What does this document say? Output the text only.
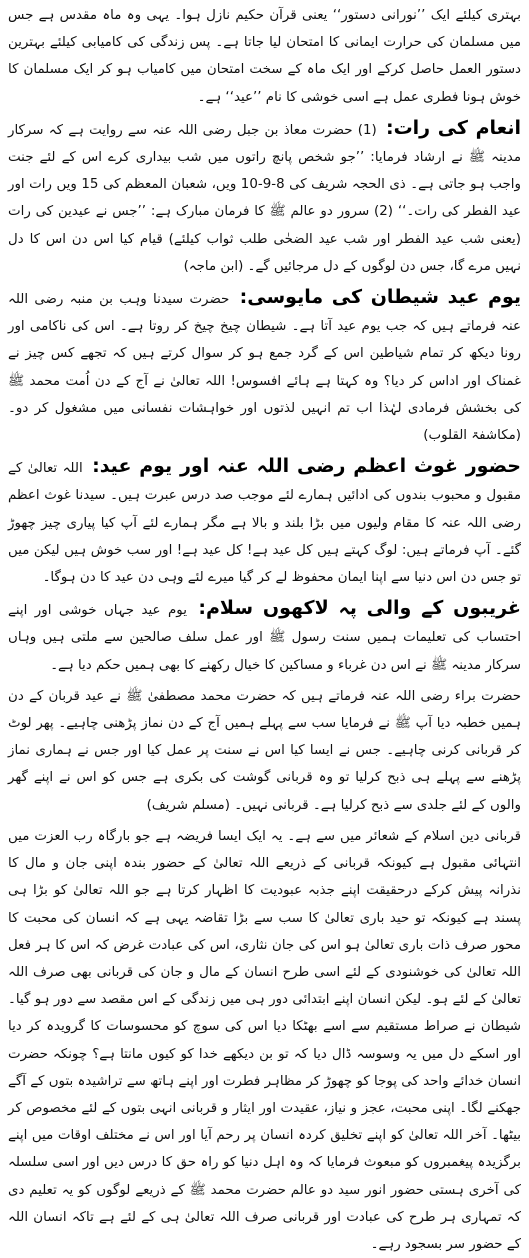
بہتری کیلئے ایک ’’نورانی دستور‘‘ یعنی قرآن حکیم نازل ہوا۔ یہی وہ ماہ مقدس ہے جس میں مسلمان کی حرارت ایمانی کا امتحان لیا جاتا ہے۔ پس زندگی کی کامیابی کیلئے بہترین دستور العمل حاصل کرکے اور ایک ماہ کے سخت امتحان میں کامیاب ہو کر ایک مسلمان کا خوش ہونا فطری عمل ہے اسی خوشی کا نام ’’عید‘‘ ہے۔

انعام کی رات: (1) حضرت معاذ بن جبل رضی اللہ عنہ سے روایت ہے کہ سرکار مدینہ ﷺ نے ارشاد فرمایا: ’’جو شخص پانچ راتوں میں شب بیداری کرے اس کے لئے جنت واجب ہو جاتی ہے۔ ذی الحجہ شریف کی 8-9-10 ویں، شعبان المعظم کی 15 ویں رات اور عید الفطر کی رات۔‘‘ (2) سرور دو عالم ﷺ کا فرمان مبارک ہے: ’’جس نے عیدین کی رات (یعنی شب عید الفطر اور شب عید الضحٰی طلب ثواب کیلئے) قیام کیا اس دن اس کا دل نہیں مرے گا، جس دن لوگوں کے دل مرجائیں گے۔ (ابن ماجہ)

یوم عید شیطان کی مایوسی: حضرت سیدنا وہب بن منبہ رضی اللہ عنہ فرماتے ہیں کہ جب یوم عید آتا ہے۔ شیطان چیخ چیخ کر روتا ہے۔ اس کی ناکامی اور رونا دیکھ کر تمام شیاطین اس کے گرد جمع ہو کر سوال کرتے ہیں کہ تجھے کس چیز نے غمناک اور اداس کر دیا؟ وہ کہتا ہے ہائے افسوس! اللہ تعالیٰ نے آج کے دن اُمت محمد ﷺ کی بخشش فرمادی لہٰذا اب تم انہیں لذتوں اور خواہشات نفسانی میں مشغول کر دو۔ (مکاشفۃ القلوب)

حضور غوث اعظم رضی اللہ عنہ اور یوم عید: اللہ تعالیٰ کے مقبول و محبوب بندوں کی ادائیں ہمارے لئے موجب صد درس عبرت ہیں۔ سیدنا غوث اعظم رضی اللہ عنہ کا مقام ولیوں میں بڑا بلند و بالا ہے مگر ہمارے لئے آپ کیا پیاری چیز چھوڑ گئے۔ آپ فرماتے ہیں: لوگ کہتے ہیں کل عید ہے! کل عید ہے! اور سب خوش ہیں لیکن میں تو جس دن اس دنیا سے اپنا ایمان محفوظ لے کر گیا میرے لئے وہی دن عید کا دن ہوگا۔

غریبوں کے والی پہ لاکھوں سلام: یوم عید جہاں خوشی اور اپنے احتساب کی تعلیمات ہمیں سنت رسول ﷺ اور عمل سلف صالحین سے ملتی ہیں وہاں سرکار مدینہ ﷺ نے اس دن غرباء و مساکین کا خیال رکھنے کا بھی ہمیں حکم دیا ہے۔

حضرت براء رضی اللہ عنہ فرماتے ہیں کہ حضرت محمد مصطفیٰ ﷺ نے عید قربان کے دن ہمیں خطبہ دیا آپ ﷺ نے فرمایا سب سے پہلے ہمیں آج کے دن نماز پڑھنی چاہیے۔ پھر لوٹ کر قربانی کرنی چاہیے۔ جس نے ایسا کیا اس نے سنت پر عمل کیا اور جس نے ہماری نماز پڑھنے سے پہلے ہی ذبح کرلیا تو وہ قربانی گوشت کی بکری ہے جس کو اس نے اپنے گھر والوں کے لئے جلدی سے ذبح کرلیا ہے۔ قربانی نہیں۔ (مسلم شریف)

قربانی دین اسلام کے شعائر میں سے ہے۔ یہ ایک ایسا فریضہ ہے جو بارگاہ رب العزت میں انتہائی مقبول ہے کیونکہ قربانی کے ذریعے اللہ تعالیٰ کے حضور بندہ اپنی جان و مال کا نذرانہ پیش کرکے درحقیقت اپنے جذبہ عبودیت کا اظہار کرتا ہے جو اللہ تعالیٰ کو بڑا ہی پسند ہے کیونکہ تو حید باری تعالیٰ کا سب سے بڑا تقاضہ یہی ہے کہ انسان کی محبت کا محور صرف ذات باری تعالیٰ ہو اس کی جان نثاری، اس کی عبادت غرض کہ اس کا ہر فعل اللہ تعالیٰ کی خوشنودی کے لئے اسی طرح انسان کے مال و جان کی قربانی بھی صرف اللہ تعالیٰ کے لئے ہو۔ لیکن انسان اپنے ابتدائی دور ہی میں زندگی کے اس مقصد سے دور ہو گیا۔ شیطان نے صراط مستقیم سے اسے بھٹکا دیا اس کی سوچ کو محسوسات کا گرویدہ کر دیا اور اسکے دل میں یہ وسوسہ ڈال دیا کہ تو بن دیکھے خدا کو کیوں مانتا ہے؟ چونکہ حضرت انسان خدائے واحد کی پوجا کو چھوڑ کر مظاہر فطرت اور اپنے ہاتھ سے تراشیدہ بتوں کے آگے جھکنے لگا۔ اپنی محبت، عجز و نیاز، عقیدت اور ایثار و قربانی انہی بتوں کے لئے مخصوص کر بیٹھا۔ آخر اللہ تعالیٰ کو اپنے تخلیق کردہ انسان پر رحم آیا اور اس نے مختلف اوقات میں اپنے برگزیدہ پیغمبروں کو مبعوث فرمایا کہ وہ اہل دنیا کو راہ حق کا درس دیں اور اسی سلسلہ کی آخری ہستی حضور انور سید دو عالم حضرت محمد ﷺ کے ذریعے لوگوں کو یہ تعلیم دی کہ تمہاری ہر طرح کی عبادت اور قربانی صرف اللہ تعالیٰ ہی کے لئے ہے تاکہ انسان اللہ کے حضور سر بسجود رہے۔
